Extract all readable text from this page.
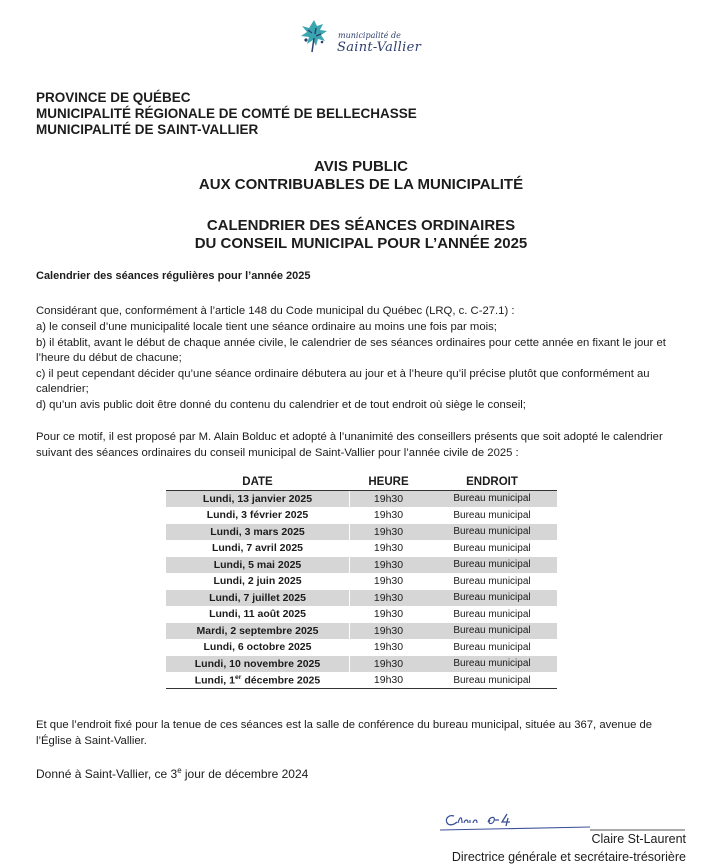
municipalité de
Saint-Vallier
PROVINCE DE QUÉBEC
MUNICIPALITÉ RÉGIONALE DE COMTÉ DE BELLECHASSE
MUNICIPALITÉ DE SAINT-VALLIER
AVIS PUBLIC
AUX CONTRIBUABLES DE LA MUNICIPALITÉ
CALENDRIER DES SÉANCES ORDINAIRES
DU CONSEIL MUNICIPAL POUR L’ANNÉE 2025
Calendrier des séances régulières pour l’année 2025
Considérant que, conformément à l’article 148 du Code municipal du Québec (LRQ, c. C-27.1) :
a) le conseil d’une municipalité locale tient une séance ordinaire au moins une fois par mois;
b) il établit, avant le début de chaque année civile, le calendrier de ses séances ordinaires pour cette année en fixant le jour et l’heure du début de chacune;
c) il peut cependant décider qu’une séance ordinaire débutera au jour et à l’heure qu’il précise plutôt que conformément au calendrier;
d) qu’un avis public doit être donné du contenu du calendrier et de tout endroit où siège le conseil;
Pour ce motif, il est proposé par M. Alain Bolduc et adopté à l’unanimité des conseillers présents que soit adopté le calendrier suivant des séances ordinaires du conseil municipal de Saint-Vallier pour l’année civile de 2025 :
DATE	HEURE	ENDROIT
Lundi, 13 janvier 2025	19h30	Bureau municipal
Lundi, 3 février 2025	19h30	Bureau municipal
Lundi, 3 mars 2025	19h30	Bureau municipal
Lundi, 7 avril 2025	19h30	Bureau municipal
Lundi, 5 mai 2025	19h30	Bureau municipal
Lundi, 2 juin 2025	19h30	Bureau municipal
Lundi, 7 juillet 2025	19h30	Bureau municipal
Lundi, 11 août 2025	19h30	Bureau municipal
Mardi, 2 septembre 2025	19h30	Bureau municipal
Lundi, 6 octobre 2025	19h30	Bureau municipal
Lundi, 10 novembre 2025	19h30	Bureau municipal
Lundi, 1er décembre 2025	19h30	Bureau municipal
Et que l’endroit fixé pour la tenue de ces séances est la salle de conférence du bureau municipal, située au 367, avenue de l’Église à Saint-Vallier.
Donné à Saint-Vallier, ce 3e jour de décembre 2024
Claire St-Laurent
Directrice générale et secrétaire-trésorière
